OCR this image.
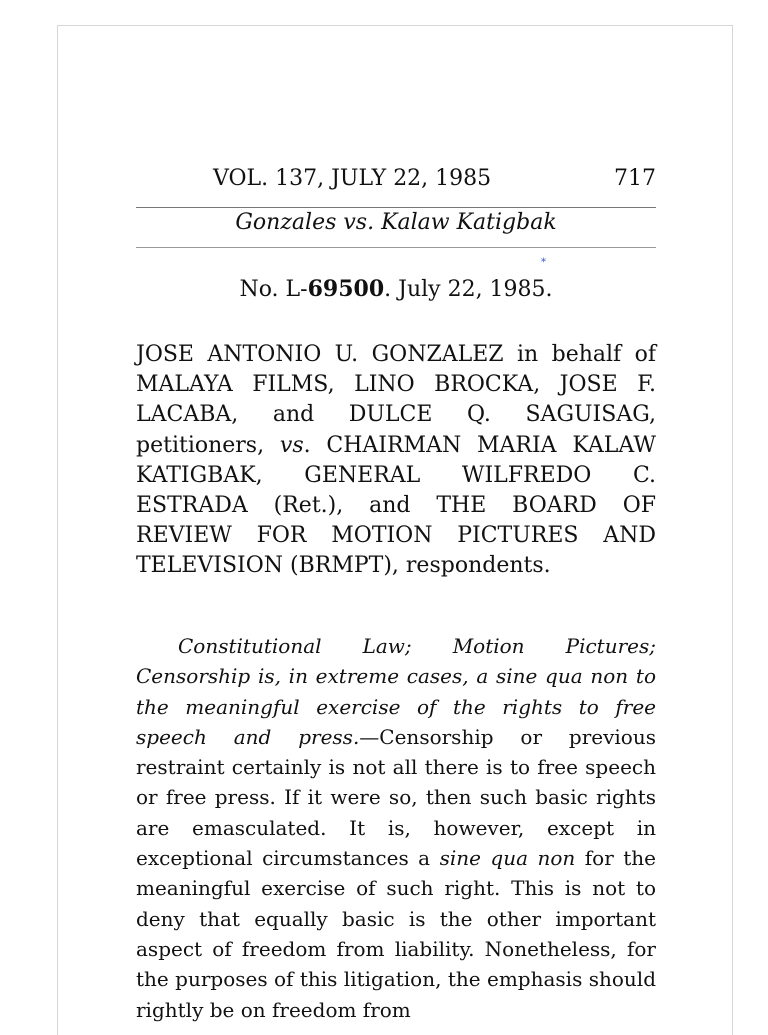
VOL. 137, JULY 22, 1985	717
Gonzales vs. Kalaw Katigbak
*
No. L-69500. July 22, 1985.
JOSE ANTONIO U. GONZALEZ in behalf of MALAYA FILMS, LINO BROCKA, JOSE F. LACABA, and DULCE Q. SAGUISAG, petitioners, vs. CHAIRMAN MARIA KALAW KATIGBAK, GENERAL WILFREDO C. ESTRADA (Ret.), and THE BOARD OF REVIEW FOR MOTION PICTURES AND TELEVISION (BRMPT), respondents.
Constitutional Law; Motion Pictures; Censorship is, in extreme cases, a sine qua non to the meaningful exercise of the rights to free speech and press.—Censorship or previous restraint certainly is not all there is to free speech or free press. If it were so, then such basic rights are emasculated. It is, however, except in exceptional circumstances a sine qua non for the meaningful exercise of such right. This is not to deny that equally basic is the other important aspect of freedom from liability. Nonetheless, for the purposes of this litigation, the emphasis should rightly be on freedom from
